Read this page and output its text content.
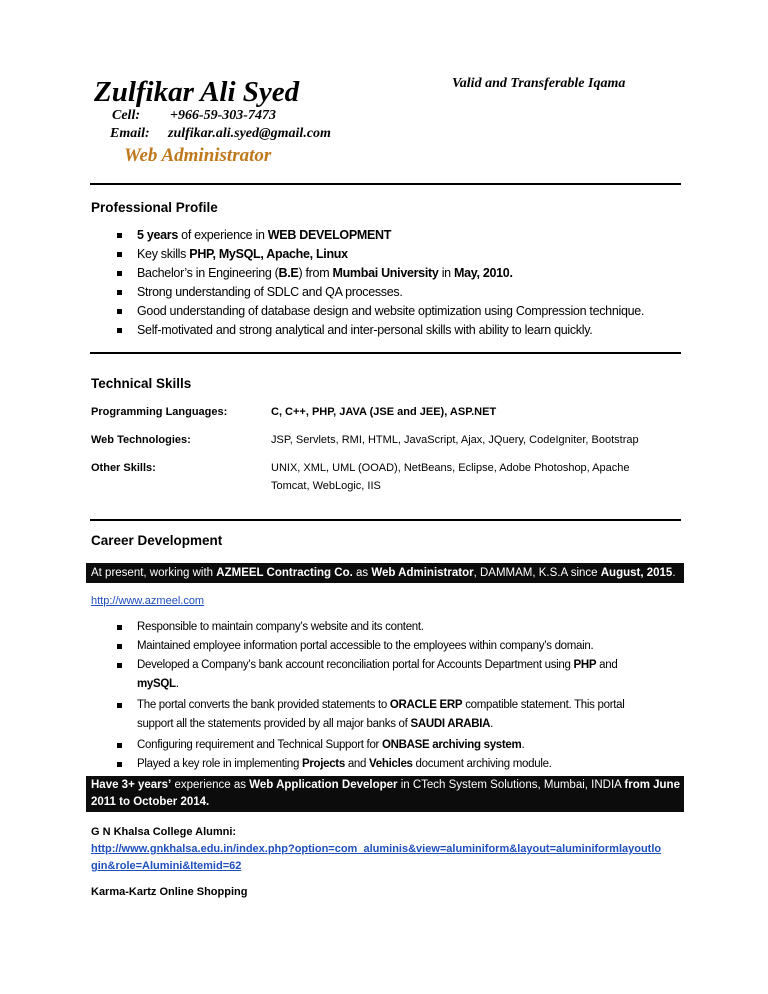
Zulfikar Ali Syed	Valid and Transferable Iqama
Cell: +966-59-303-7473
Email: zulfikar.ali.syed@gmail.com
Web Administrator
Professional Profile
5 years of experience in WEB DEVELOPMENT
Key skills PHP, MySQL, Apache, Linux
Bachelor’s in Engineering (B.E) from Mumbai University in May, 2010.
Strong understanding of SDLC and QA processes.
Good understanding of database design and website optimization using Compression technique.
Self-motivated and strong analytical and inter-personal skills with ability to learn quickly.
Technical Skills
Programming Languages:	C, C++, PHP, JAVA (JSE and JEE), ASP.NET
Web Technologies:	JSP, Servlets, RMI, HTML, JavaScript, Ajax, JQuery, CodeIgniter, Bootstrap
Other Skills:	UNIX, XML, UML (OOAD), NetBeans, Eclipse, Adobe Photoshop, Apache
Tomcat, WebLogic, IIS
Career Development
At present, working with AZMEEL Contracting Co. as Web Administrator, DAMMAM, K.S.A since August, 2015.
http://www.azmeel.com
Responsible to maintain company’s website and its content.
Maintained employee information portal accessible to the employees within company’s domain.
Developed a Company’s bank account reconciliation portal for Accounts Department using PHP and
mySQL.
The portal converts the bank provided statements to ORACLE ERP compatible statement. This portal
support all the statements provided by all major banks of SAUDI ARABIA.
Configuring requirement and Technical Support for ONBASE archiving system.
Played a key role in implementing Projects and Vehicles document archiving module.
Have 3+ years’ experience as Web Application Developer in CTech System Solutions, Mumbai, INDIA from June
2011 to October 2014.
G N Khalsa College Alumni:
http://www.gnkhalsa.edu.in/index.php?option=com_aluminis&view=aluminiform&layout=aluminiformlayoutlo
gin&role=Alumini&Itemid=62
Karma-Kartz Online Shopping
